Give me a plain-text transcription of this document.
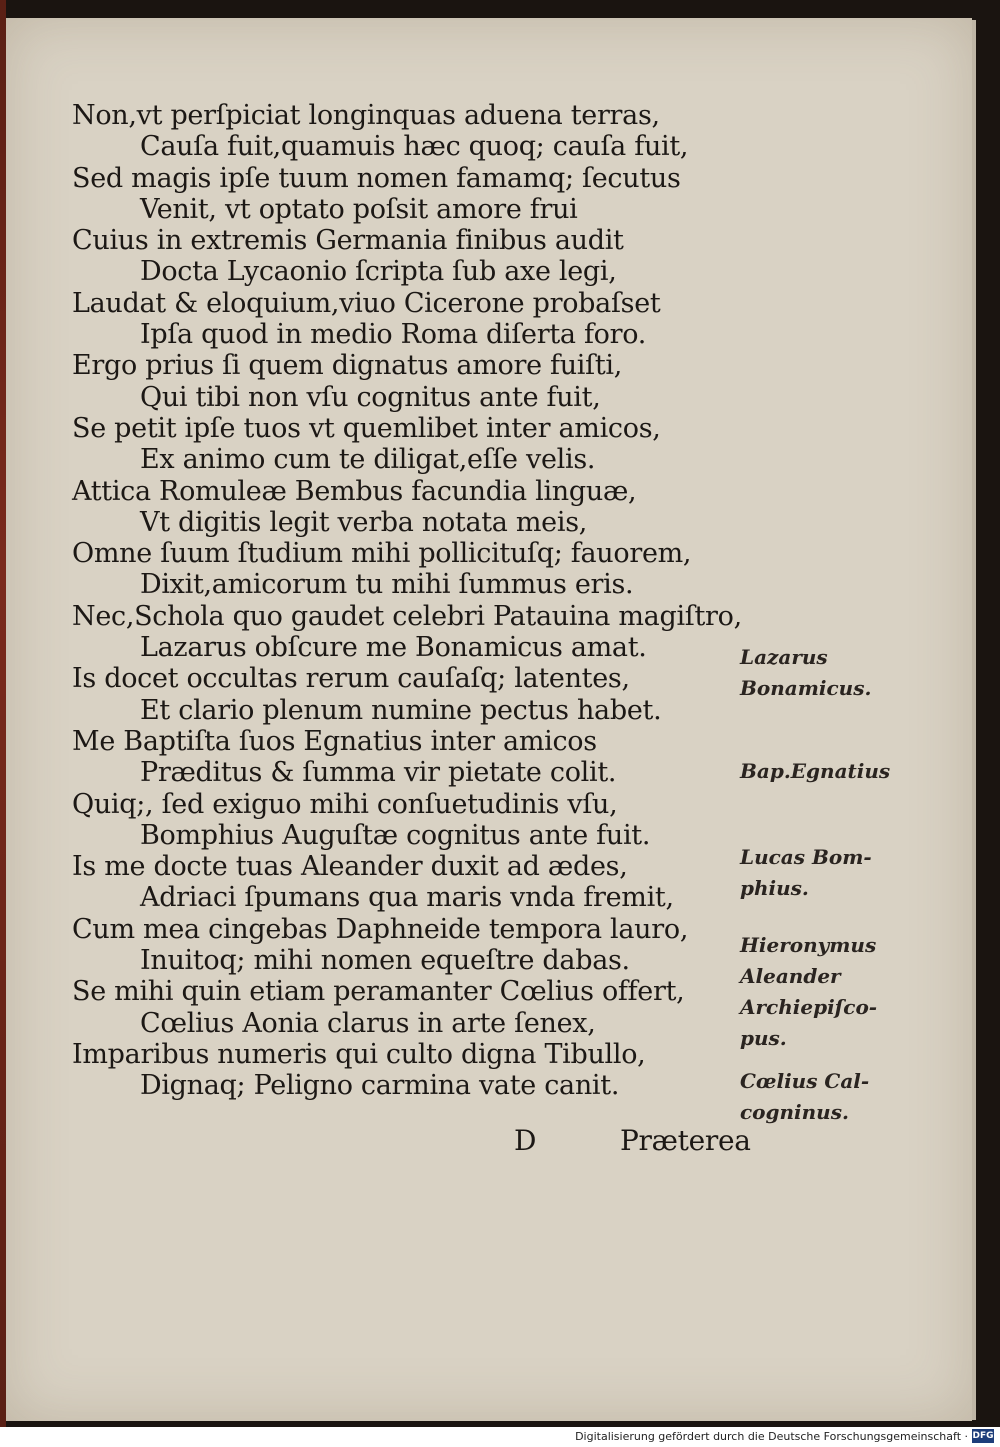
Non,vt perſpiciat longinquas aduena terras,
Cauſa fuit,quamuis hæc quoq; cauſa fuit,
Sed magis ipſe tuum nomen famamq; ſecutus
Venit, vt optato poſsit amore frui
Cuius in extremis Germania finibus audit
Docta Lycaonio ſcripta ſub axe legi,
Laudat & eloquium,viuo Cicerone probaſset
Ipſa quod in medio Roma diſerta foro.
Ergo prius ſi quem dignatus amore fuiſti,
Qui tibi non vſu cognitus ante fuit,
Se petit ipſe tuos vt quemlibet inter amicos,
Ex animo cum te diligat,eſſe velis.
Attica Romuleæ Bembus facundia linguæ,
Vt digitis legit verba notata meis,
Omne ſuum ſtudium mihi pollicituſq; fauorem,
Dixit,amicorum tu mihi ſummus eris.
Nec,Schola quo gaudet celebri Patauina magiſtro,
Lazarus obſcure me Bonamicus amat.
Is docet occultas rerum cauſaſq; latentes,
Et clario plenum numine pectus habet.
Me Baptiſta ſuos Egnatius inter amicos
Præditus & ſumma vir pietate colit.
Quiq;, ſed exiguo mihi conſuetudinis vſu,
Bomphius Auguſtæ cognitus ante fuit.
Is me docte tuas Aleander duxit ad ædes,
Adriaci ſpumans qua maris vnda fremit,
Cum mea cingebas Daphneide tempora lauro,
Inuitoq; mihi nomen equeſtre dabas.
Se mihi quin etiam peramanter Cœlius offert,
Cœlius Aonia clarus in arte ſenex,
Imparibus numeris qui culto digna Tibullo,
Dignaq; Peligno carmina vate canit.
Lazarus
Bonamicus.
Bap.Egnatius
Lucas Bom-
phius.
Hieronymus
Aleander
Archiepiſco-
pus.
Cœlius Cal-
cogninus.
D	Præterea
Digitalisierung gefördert durch die Deutsche Forschungsgemeinschaft · DFG
